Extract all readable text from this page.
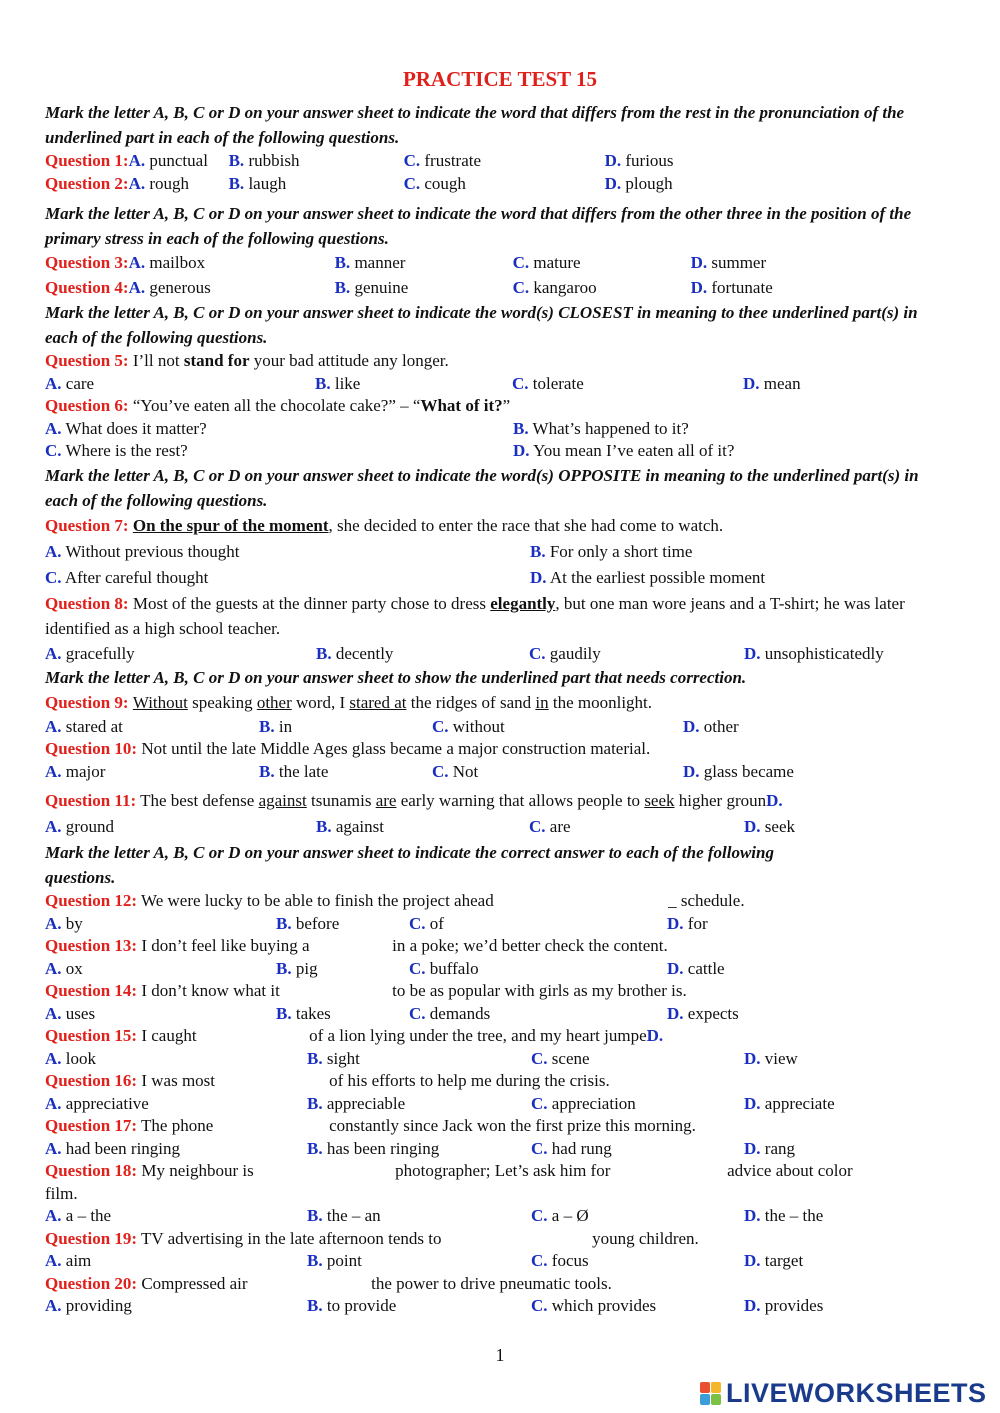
PRACTICE TEST 15

Mark the letter A, B, C or D on your answer sheet to indicate the word that differs from the rest in the pronunciation of the underlined part in each of the following questions.

Question 1: A. punctual	B. rubbish	C. frustrate	D. furious
Question 2: A. rough	B. laugh	C. cough	D. plough

Mark the letter A, B, C or D on your answer sheet to indicate the word that differs from the other three in the position of the primary stress in each of the following questions.

Question 3: A. mailbox	B. manner	C. mature	D. summer
Question 4: A. generous	B. genuine	C. kangaroo	D. fortunate

Mark the letter A, B, C or D on your answer sheet to indicate the word(s) CLOSEST in meaning to thee underlined part(s) in each of the following questions.

Question 5: I’ll not stand for your bad attitude any longer.
A. care	B. like	C. tolerate	D. mean
Question 6: “You’ve eaten all the chocolate cake?” – “ What of it? ”
A. What does it matter?	B. What’s happened to it?
C. Where is the rest?	D. You mean I’ve eaten all of it?

Mark the letter A, B, C or D on your answer sheet to indicate the word(s) OPPOSITE in meaning to the underlined part(s) in each of the following questions.

Question 7:
On the spur of the moment , she decided to enter the race that she had come to watch.
A. Without previous thought	B. For only a short time
C. After careful thought	D. At the earliest possible moment
Question 8: Most of the guests at the dinner party chose to dress elegantly, but one man wore jeans and a T-shirt; he was later identified as a high school teacher.
A. gracefully	B. decently	C. gaudily	D. unsophisticatedly

Mark the letter A, B, C or D on your answer sheet to show the underlined part that needs correction.

Question 9:
Without speaking other word, I stared at the ridges of sand in the moonlight.
A. stared at	B. in	C. without	D. other
Question 10: Not until the late Middle Ages glass became a major construction material.
A. major	B. the late	C. Not	D. glass became
Question 11: The best defense against tsunamis are early warning that allows people to seek higher groun D.
A. ground	B. against	C. are	D. seek

Mark the letter A, B, C or D on your answer sheet to indicate the correct answer to each of the following questions.

Question 12: We were lucky to be able to finish the project ahead	_ schedule.
A. by	B. before	C. of	D. for
Question 13: I don’t feel like buying a	in a poke; we’d better check the content.
A. ox	B. pig	C. buffalo	D. cattle
Question 14: I don’t know what it	to be as popular with girls as my brother is.
A. uses	B. takes	C. demands	D. expects
Question 15: I caught	of a lion lying under the tree, and my heart jumpe D.
A. look	B. sight	C. scene	D. view
Question 16: I was most	of his efforts to help me during the crisis.
A. appreciative	B. appreciable	C. appreciation	D. appreciate
Question 17: The phone	constantly since Jack won the first prize this morning.
A. had been ringing	B. has been ringing	C. had rung	D. rang
Question 18: My neighbour is	photographer; Let’s ask him for	advice about color
film.
A. a – the	B. the – an	C. a – Ø	D. the – the
Question 19: TV advertising in the late afternoon tends to	young children.
A. aim	B. point	C. focus	D. target
Question 20: Compressed air	the power to drive pneumatic tools.
A. providing	B. to provide	C. which provides	D. provides
1
LIVEWORKSHEETS
